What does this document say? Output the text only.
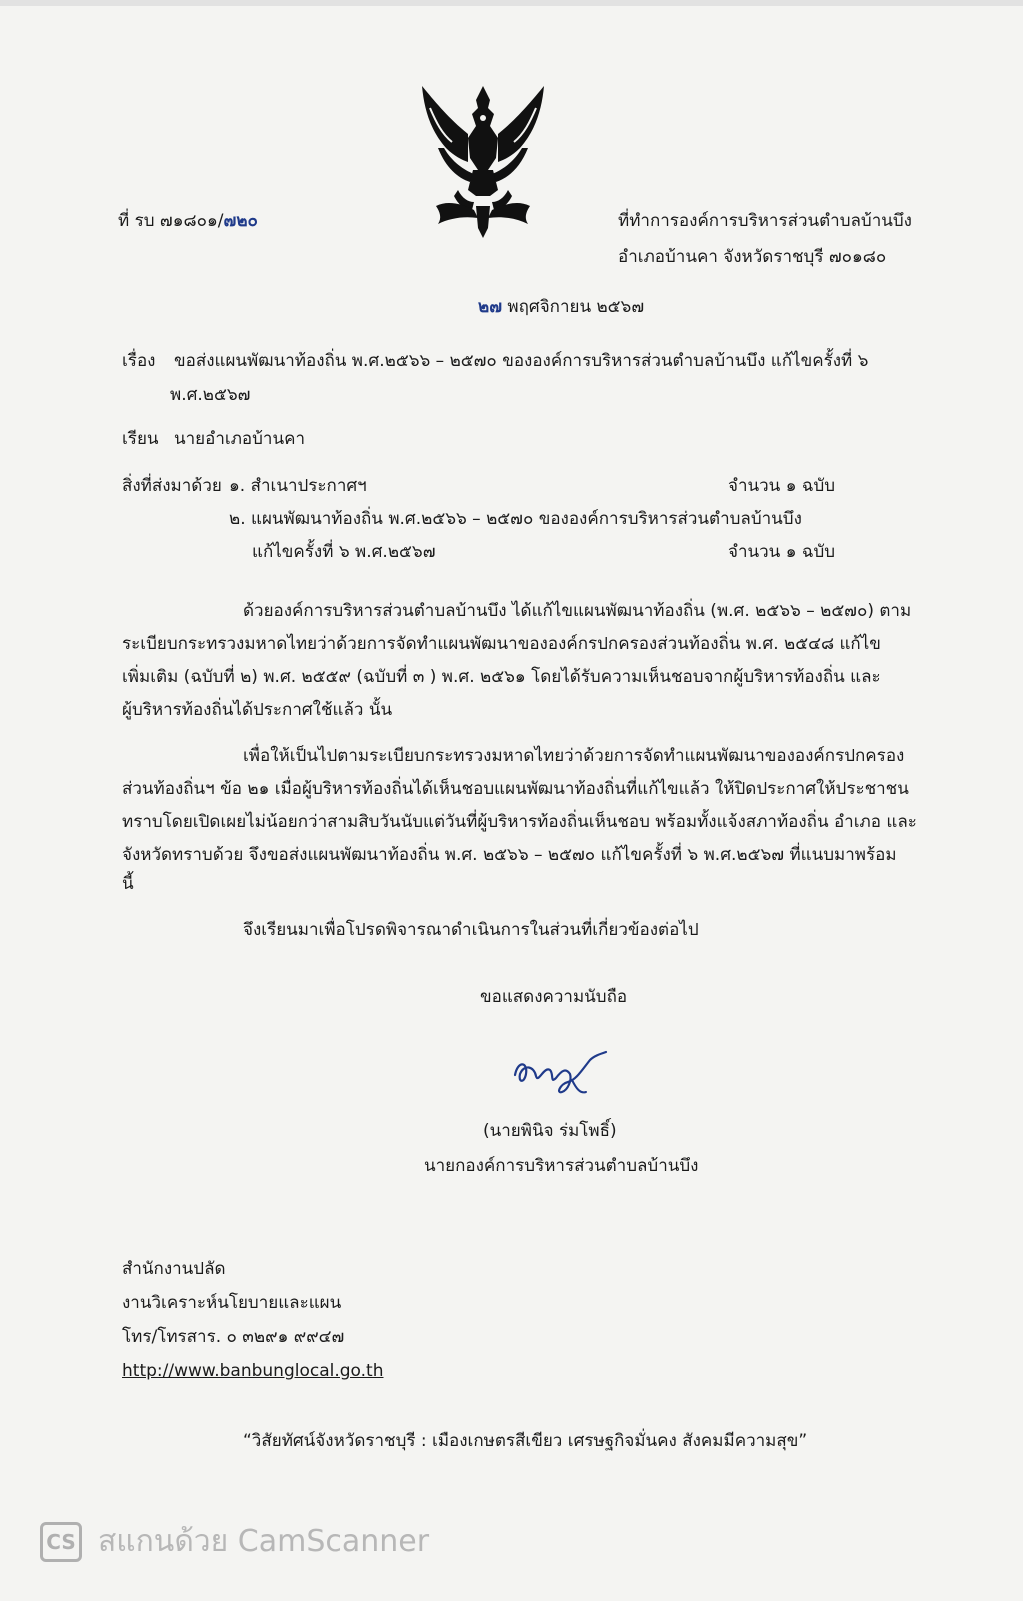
ที่ รบ ๗๑๘๐๑/๗๒๐	ที่ทำการองค์การบริหารส่วนตำบลบ้านบึง
อำเภอบ้านคา จังหวัดราชบุรี ๗๐๑๘๐
๒๗ พฤศจิกายน ๒๕๖๗
เรื่อง ขอส่งแผนพัฒนาท้องถิ่น พ.ศ.๒๕๖๖ – ๒๕๗๐ ขององค์การบริหารส่วนตำบลบ้านบึง แก้ไขครั้งที่ ๖
พ.ศ.๒๕๖๗
เรียน นายอำเภอบ้านคา
สิ่งที่ส่งมาด้วย ๑. สำเนาประกาศฯ	จำนวน ๑ ฉบับ
๒. แผนพัฒนาท้องถิ่น พ.ศ.๒๕๖๖ – ๒๕๗๐ ขององค์การบริหารส่วนตำบลบ้านบึง
แก้ไขครั้งที่ ๖ พ.ศ.๒๕๖๗	จำนวน ๑ ฉบับ
ด้วยองค์การบริหารส่วนตำบลบ้านบึง ได้แก้ไขแผนพัฒนาท้องถิ่น (พ.ศ. ๒๕๖๖ – ๒๕๗๐) ตาม
ระเบียบกระทรวงมหาดไทยว่าด้วยการจัดทำแผนพัฒนาขององค์กรปกครองส่วนท้องถิ่น พ.ศ. ๒๕๔๘ แก้ไข
เพิ่มเติม (ฉบับที่ ๒) พ.ศ. ๒๕๕๙ (ฉบับที่ ๓ ) พ.ศ. ๒๕๖๑ โดยได้รับความเห็นชอบจากผู้บริหารท้องถิ่น และ
ผู้บริหารท้องถิ่นได้ประกาศใช้แล้ว นั้น
เพื่อให้เป็นไปตามระเบียบกระทรวงมหาดไทยว่าด้วยการจัดทำแผนพัฒนาขององค์กรปกครอง
ส่วนท้องถิ่นฯ ข้อ ๒๑ เมื่อผู้บริหารท้องถิ่นได้เห็นชอบแผนพัฒนาท้องถิ่นที่แก้ไขแล้ว ให้ปิดประกาศให้ประชาชน
ทราบโดยเปิดเผยไม่น้อยกว่าสามสิบวันนับแต่วันที่ผู้บริหารท้องถิ่นเห็นชอบ พร้อมทั้งแจ้งสภาท้องถิ่น อำเภอ และ
จังหวัดทราบด้วย จึงขอส่งแผนพัฒนาท้องถิ่น พ.ศ. ๒๕๖๖ – ๒๕๗๐ แก้ไขครั้งที่ ๖ พ.ศ.๒๕๖๗ ที่แนบมาพร้อม
นี้
จึงเรียนมาเพื่อโปรดพิจารณาดำเนินการในส่วนที่เกี่ยวข้องต่อไป
ขอแสดงความนับถือ
(นายพินิจ ร่มโพธิ์)
นายกองค์การบริหารส่วนตำบลบ้านบึง
สำนักงานปลัด
งานวิเคราะห์นโยบายและแผน
โทร/โทรสาร. ๐ ๓๒๙๑ ๙๙๔๗
http://www.banbunglocal.go.th
“วิสัยทัศน์จังหวัดราชบุรี : เมืองเกษตรสีเขียว เศรษฐกิจมั่นคง สังคมมีความสุข”
CS สแกนด้วย CamScanner
